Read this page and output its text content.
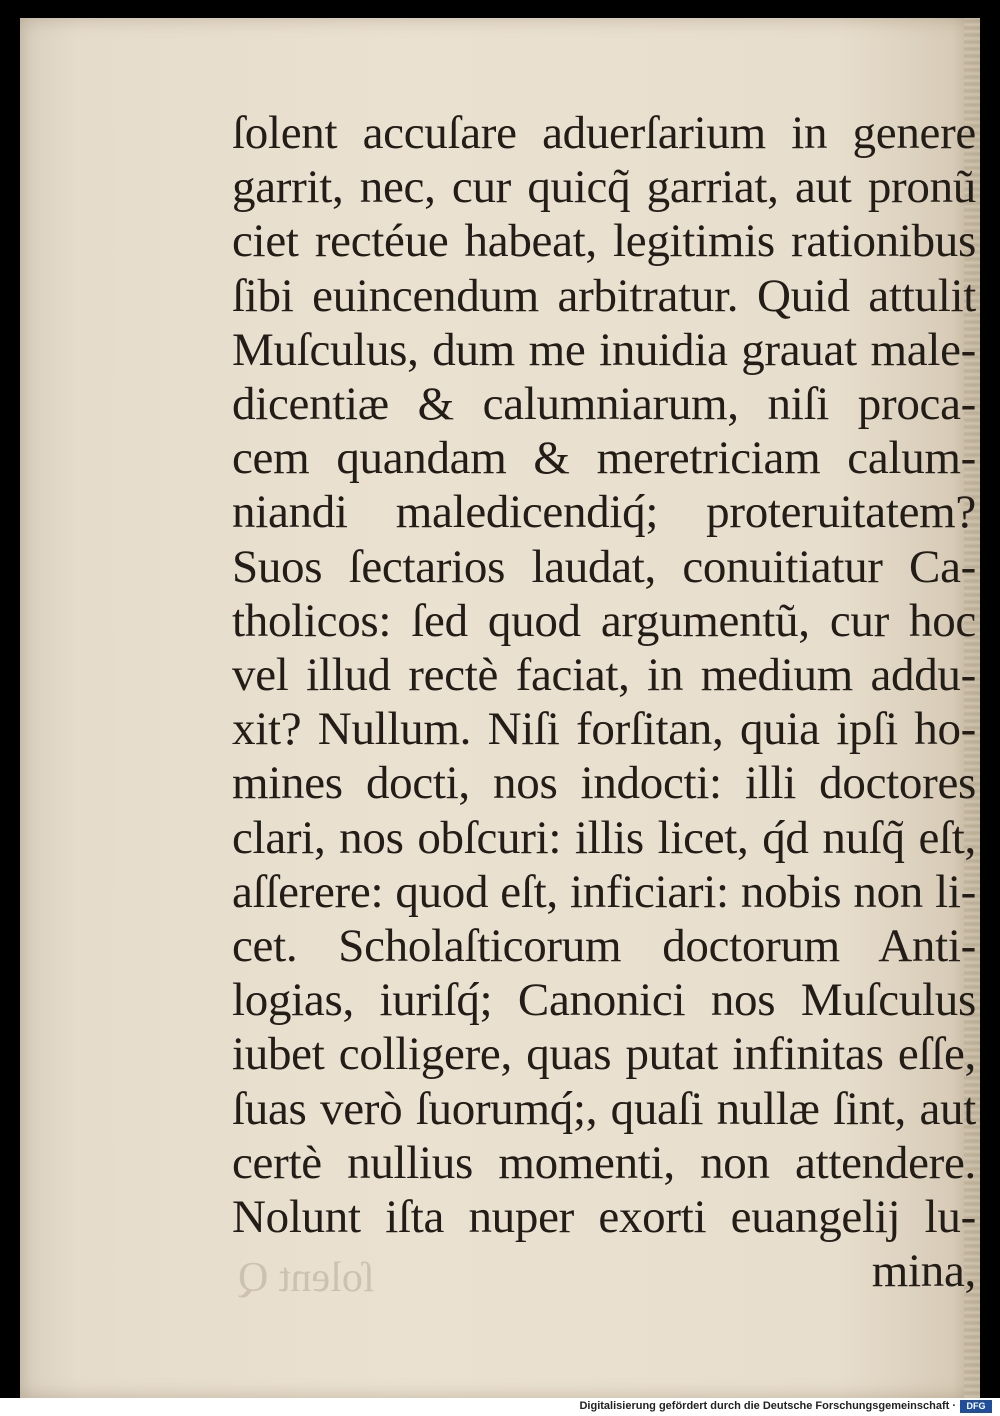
ſolent accuſare aduerſarium in genere
garrit, nec, cur quicq̃ garriat, aut pronũ
ciet rectéue habeat, legitimis rationibus
ſibi euincendum arbitratur. Quid attulit
Muſculus, dum me inuidia grauat male-
dicentiæ & calumniarum, niſi proca-
cem quandam & meretriciam calum-
niandi maledicendiq́; proteruitatem?
Suos ſectarios laudat, conuitiatur Ca-
tholicos: ſed quod argumentũ, cur hoc
vel illud rectè faciat, in medium addu-
xit? Nullum. Niſi forſitan, quia ipſi ho-
mines docti, nos indocti: illi doctores
clari, nos obſcuri: illis licet, q́d nuſq̃ eſt,
aſſerere: quod eſt, inficiari: nobis non li-
cet. Scholaſticorum doctorum Anti-
logias, iuriſq́; Canonici nos Muſculus
iubet colligere, quas putat infinitas eſſe,
ſuas verò ſuorumq́;, quaſi nullæ ſint, aut
certè nullius momenti, non attendere.
Nolunt iſta nuper exorti euangelij lu-
mina,
ſolent Q
Digitalisierung gefördert durch die Deutsche Forschungsgemeinschaft ·	DFG
